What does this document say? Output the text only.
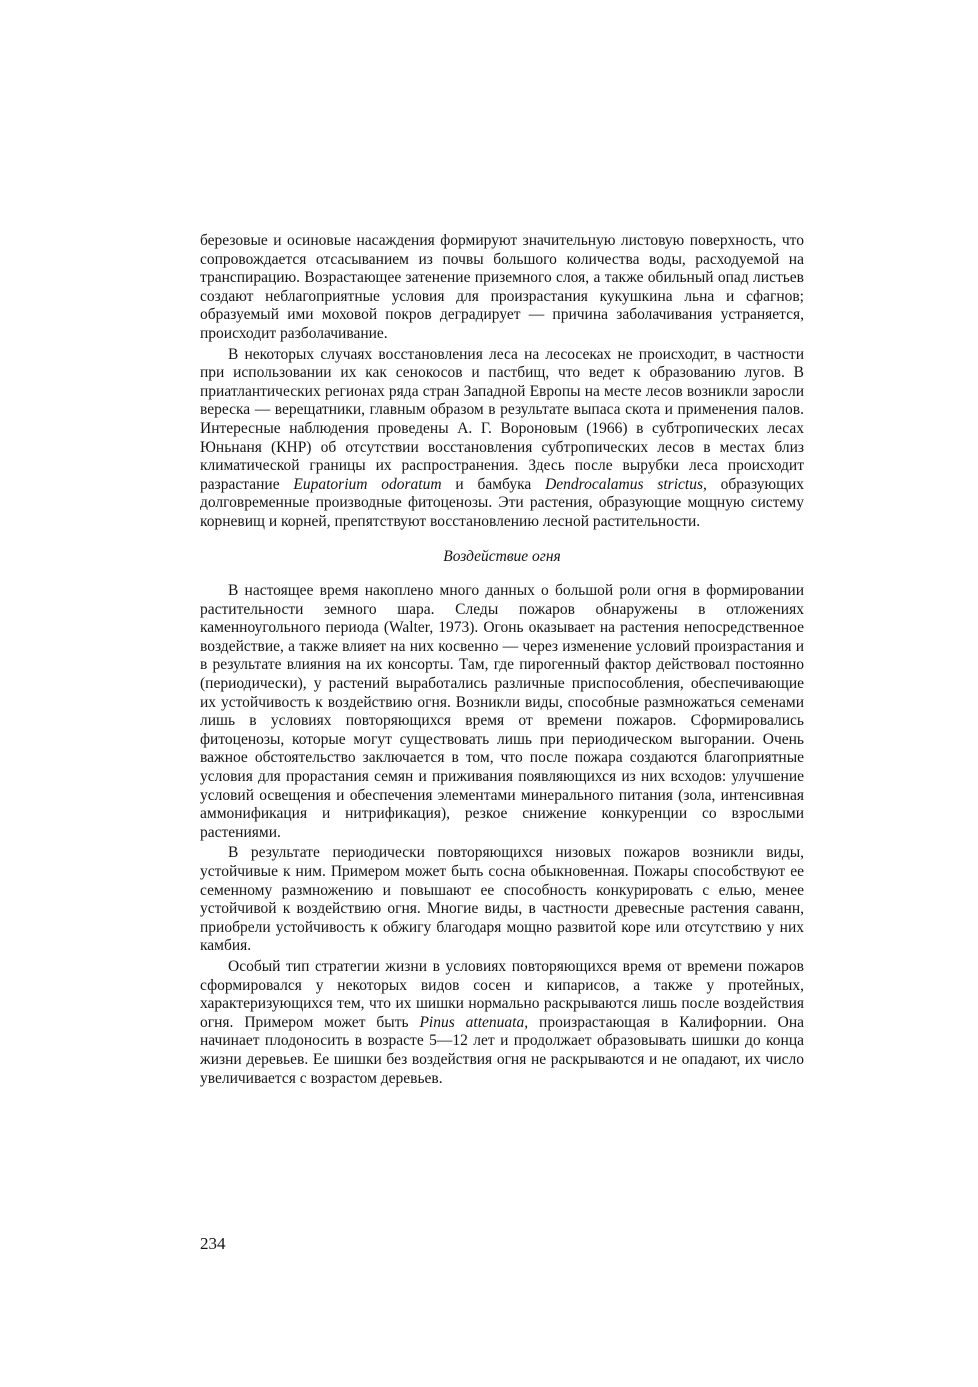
березовые и осиновые насаждения формируют значительную листовую поверхность, что сопровождается отсасыванием из почвы большого количества воды, расходуемой на транспирацию. Возрастающее затенение приземного слоя, а также обильный опад листьев создают неблагоприятные условия для произрастания кукушкина льна и сфагнов; образуемый ими моховой покров деградирует — причина заболачивания устраняется, происходит разболачивание.

В некоторых случаях восстановления леса на лесосеках не происходит, в частности при использовании их как сенокосов и пастбищ, что ведет к образованию лугов. В приатлантических регионах ряда стран Западной Европы на месте лесов возникли заросли вереска — верещатники, главным образом в результате выпаса скота и применения палов. Интересные наблюдения проведены А. Г. Вороновым (1966) в субтропических лесах Юньнаня (КНР) об отсутствии восстановления субтропических лесов в местах близ климатической границы их распространения. Здесь после вырубки леса происходит разрастание Eupatorium odoratum и бамбука Dendrocalamus strictus, образующих долговременные производные фитоценозы. Эти растения, образующие мощную систему корневищ и корней, препятствуют восстановлению лесной растительности.

Воздействие огня

В настоящее время накоплено много данных о большой роли огня в формировании растительности земного шара. Следы пожаров обнаружены в отложениях каменноугольного периода (Walter, 1973). Огонь оказывает на растения непосредственное воздействие, а также влияет на них косвенно — через изменение условий произрастания и в результате влияния на их консорты. Там, где пирогенный фактор действовал постоянно (периодически), у растений выработались различные приспособления, обеспечивающие их устойчивость к воздействию огня. Возникли виды, способные размножаться семенами лишь в условиях повторяющихся время от времени пожаров. Сформировались фитоценозы, которые могут существовать лишь при периодическом выгорании. Очень важное обстоятельство заключается в том, что после пожара создаются благоприятные условия для прорастания семян и приживания появляющихся из них всходов: улучшение условий освещения и обеспечения элементами минерального питания (зола, интенсивная аммонификация и нитрификация), резкое снижение конкуренции со взрослыми растениями.

В результате периодически повторяющихся низовых пожаров возникли виды, устойчивые к ним. Примером может быть сосна обыкновенная. Пожары способствуют ее семенному размножению и повышают ее способность конкурировать с елью, менее устойчивой к воздействию огня. Многие виды, в частности древесные растения саванн, приобрели устойчивость к обжигу благодаря мощно развитой коре или отсутствию у них камбия.

Особый тип стратегии жизни в условиях повторяющихся время от времени пожаров сформировался у некоторых видов сосен и кипарисов, а также у протейных, характеризующихся тем, что их шишки нормально раскрываются лишь после воздействия огня. Примером может быть Pinus attenuata, произрастающая в Калифорнии. Она начинает плодоносить в возрасте 5—12 лет и продолжает образовывать шишки до конца жизни деревьев. Ее шишки без воздействия огня не раскрываются и не опадают, их число увеличивается с возрастом деревьев.

234
